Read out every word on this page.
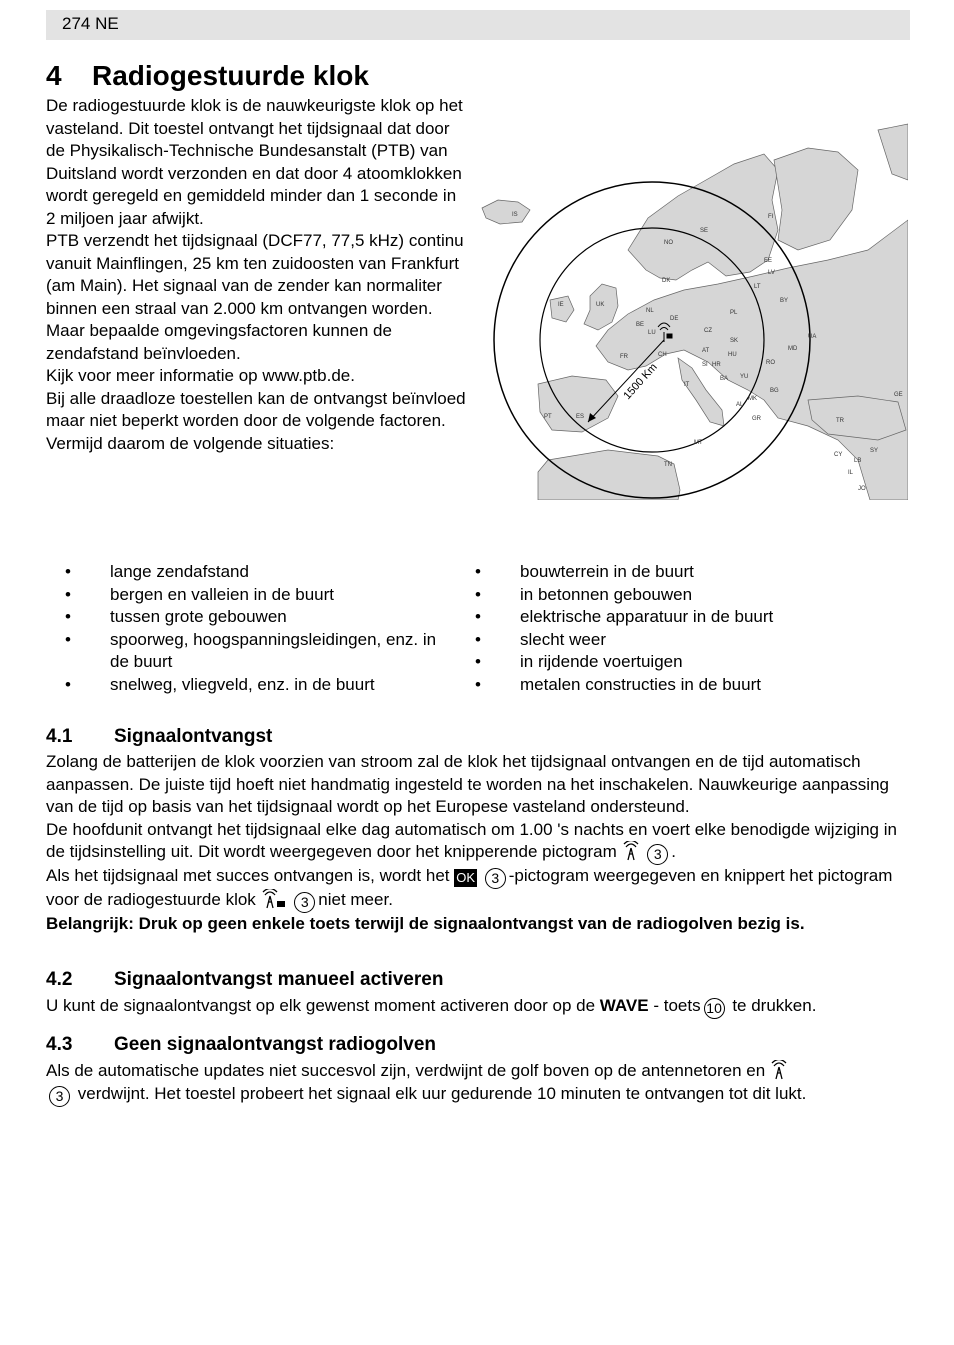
274 NE
4 Radiogestuurde klok

De radiogestuurde klok is de nauwkeurigste klok op het vasteland. Dit toestel ontvangt het tijdsignaal dat door de Physikalisch-Technische Bundesanstalt (PTB) van Duitsland wordt verzonden en dat door 4 atoomklokken wordt geregeld en gemiddeld minder dan 1 seconde in 2 miljoen jaar afwijkt.

PTB verzendt het tijdsignaal (DCF77, 77,5 kHz) continu vanuit Mainflingen, 25 km ten zuidoosten van Frankfurt (am Main). Het signaal van de zender kan normaliter binnen een straal van 2.000 km ontvangen worden. Maar bepaalde omgevingsfactoren kunnen de zendafstand beïnvloeden.

Kijk voor meer informatie op www.ptb.de.

Bij alle draadloze toestellen kan de ontvangst beïnvloed maar niet beperkt worden door de volgende factoren. Vermijd daarom de volgende situaties:

1500 Km
IS
NO
SE
FI
EE
LV
LT
DK
IE	UK
NL
BE
LU
DE
PL
BY
UA
CZ
SK
MD
FR	CH
AT
HU
RO
SI HR
BA YU
BG
IT
MK
AL
GR
PT	ES
TN
MT
TR
GE
CY
SY
LB
IL
JO
• lange zendafstand
• bergen en valleien in de buurt
• tussen grote gebouwen
• spoorweg, hoogspanningsleidingen, enz. in de buurt
• snelweg, vliegveld, enz. in de buurt
• bouwterrein in de buurt
• in betonnen gebouwen
• elektrische apparatuur in de buurt
• slecht weer
• in rijdende voertuigen
• metalen constructies in de buurt
4.1 Signaalontvangst

Zolang de batterijen de klok voorzien van stroom zal de klok het tijdsignaal ontvangen en de tijd automatisch aanpassen. De juiste tijd hoeft niet handmatig ingesteld te worden na het inschakelen. Nauwkeurige aanpassing van de tijd op basis van het tijdsignaal wordt op het Europese vasteland ondersteund.

De hoofdunit ontvangt het tijdsignaal elke dag automatisch om 1.00 's nachts en voert elke benodigde wijziging in de tijdsinstelling uit. Dit wordt weergegeven door het knipperende pictogram	3 .

Als het tijdsignaal met succes ontvangen is, wordt het OK 3 -pictogram weergegeven en knippert het pictogram voor de radiogestuurde klok	3 niet meer.

Belangrijk: Druk op geen enkele toets terwijl de signaalontvangst van de radiogolven bezig is.

4.2 Signaalontvangst manueel activeren

U kunt de signaalontvangst op elk gewenst moment activeren door op de WAVE - toets 10 te drukken.

4.3 Geen signaalontvangst radiogolven

Als de automatische updates niet succesvol zijn, verdwijnt de golf boven op de antennetoren en
3 verdwijnt. Het toestel probeert het signaal elk uur gedurende 10 minuten te ontvangen tot dit lukt.
